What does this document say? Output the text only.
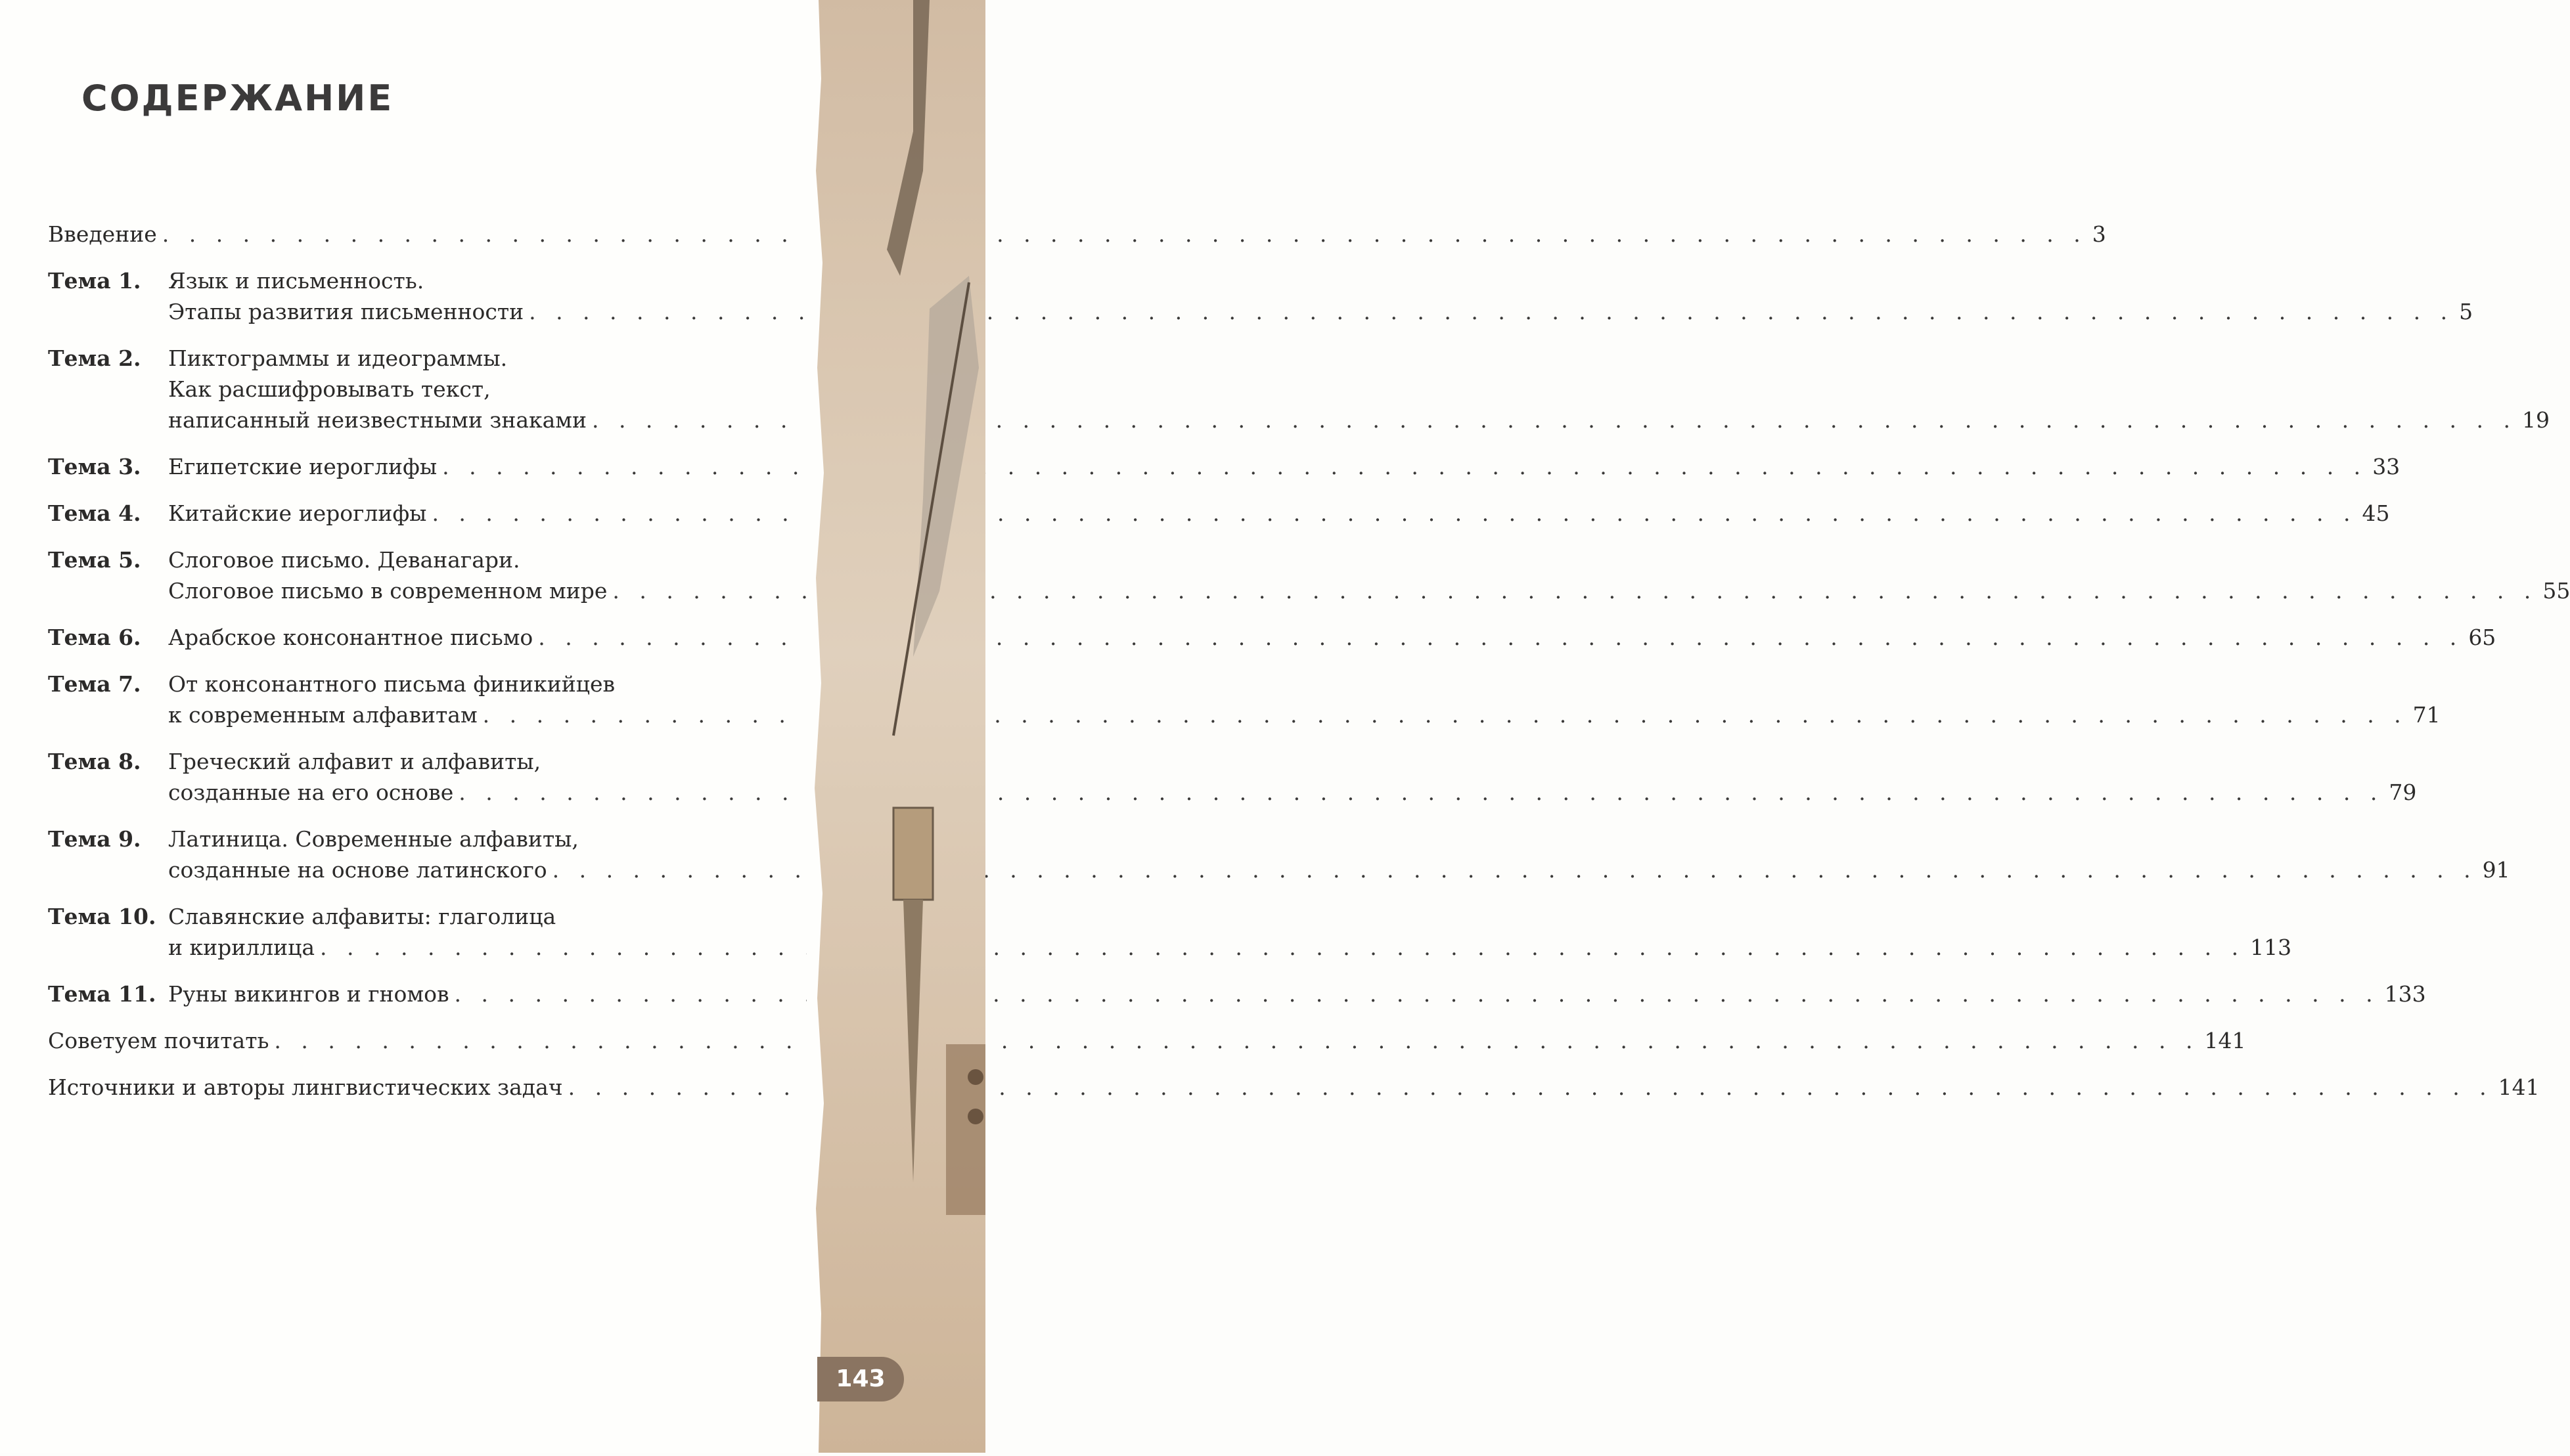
СОДЕРЖАНИЕ
Введение . . .	3
Тема 1.	Язык и письменность.
Этапы развития письменности . . .	5
Тема 2.	Пиктограммы и идеограммы.
Как расшифровывать текст,
написанный неизвестными знаками . . .	19
Тема 3.	Египетские иероглифы . . .	33
Тема 4.	Китайские иероглифы . . .	45
Тема 5.	Слоговое письмо. Деванагари.
Слоговое письмо в современном мире . . .	55
Тема 6.	Арабское консонантное письмо . . .	65
Тема 7.	От консонантного письма финикийцев
к современным алфавитам . . .	71
Тема 8.	Греческий алфавит и алфавиты,
созданные на его основе . . .	79
Тема 9.	Латиница. Современные алфавиты,
созданные на основе латинского . . .	91
Тема 10. Славянские алфавиты: глаголица
и кириллица . . .	113
Тема 11. Руны викингов и гномов . . .	133
Советуем почитать . . .	141
Источники и авторы лингвистических задач . . .	141
143
